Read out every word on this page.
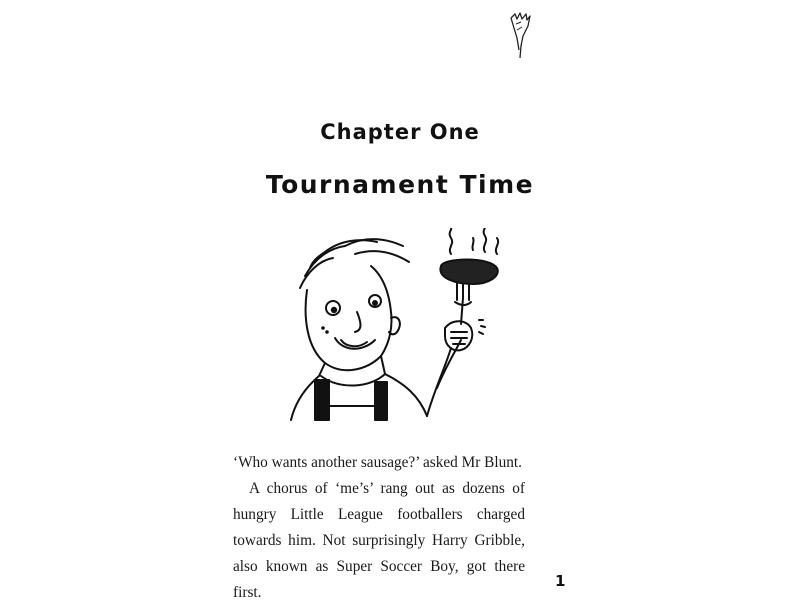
Chapter One
Tournament Time

‘Who wants another sausage?’ asked Mr Blunt.

A chorus of ‘me’s’ rang out as dozens of hungry Little League footballers charged towards him. Not surprisingly Harry Gribble, also known as Super Soccer Boy, got there first.

1
